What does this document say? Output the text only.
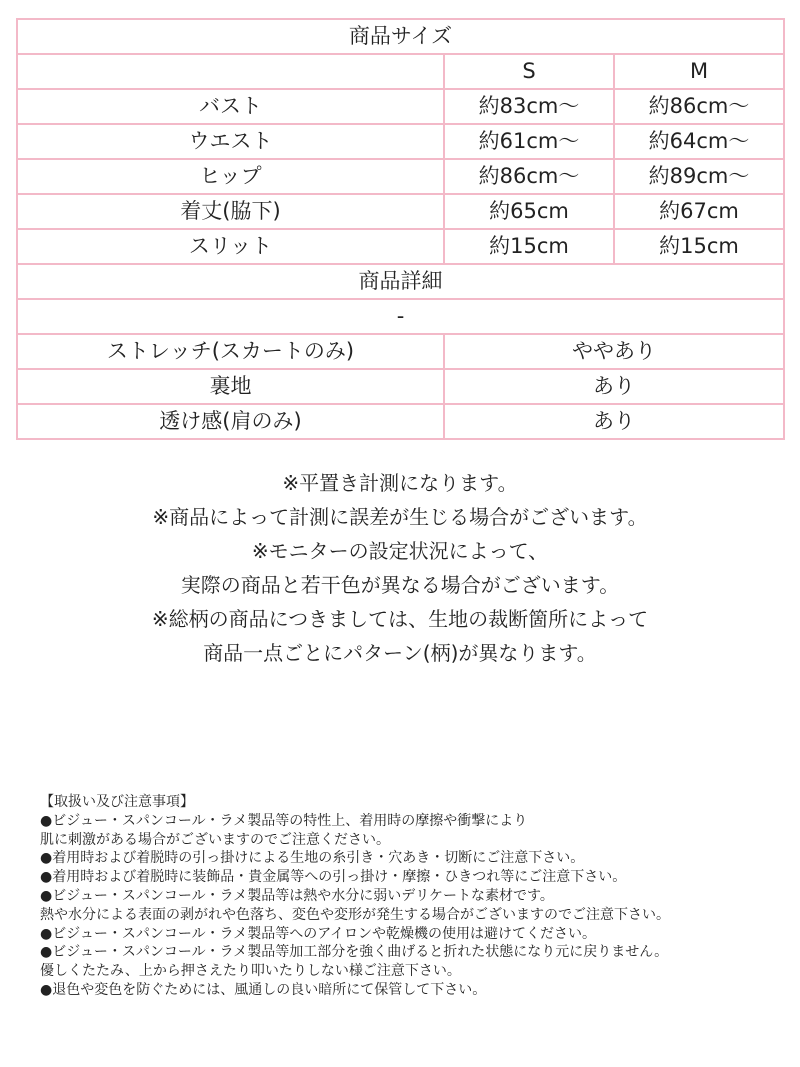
商品サイズ		
	S	M
バスト	約83cm～	約86cm～
ウエスト	約61cm～	約64cm～
ヒップ	約86cm～	約89cm～
着丈(脇下)	約65cm	約67cm
スリット	約15cm	約15cm
商品詳細		
-		
ストレッチ(スカートのみ)	ややあり	
裏地	あり	
透け感(肩のみ)	あり	
※平置き計測になります。
※商品によって計測に誤差が生じる場合がございます。
※モニターの設定状況によって、
実際の商品と若干色が異なる場合がございます。
※総柄の商品につきましては、生地の裁断箇所によって
商品一点ごとにパターン(柄)が異なります。
【取扱い及び注意事項】
●ビジュー・スパンコール・ラメ製品等の特性上、着用時の摩擦や衝撃により
肌に刺激がある場合がございますのでご注意ください。
●着用時および着脱時の引っ掛けによる生地の糸引き・穴あき・切断にご注意下さい。
●着用時および着脱時に装飾品・貴金属等への引っ掛け・摩擦・ひきつれ等にご注意下さい。
●ビジュー・スパンコール・ラメ製品等は熱や水分に弱いデリケートな素材です。
熱や水分による表面の剥がれや色落ち、変色や変形が発生する場合がございますのでご注意下さい。
●ビジュー・スパンコール・ラメ製品等へのアイロンや乾燥機の使用は避けてください。
●ビジュー・スパンコール・ラメ製品等加工部分を強く曲げると折れた状態になり元に戻りません。
優しくたたみ、上から押さえたり叩いたりしない様ご注意下さい。
●退色や変色を防ぐためには、風通しの良い暗所にて保管して下さい。
